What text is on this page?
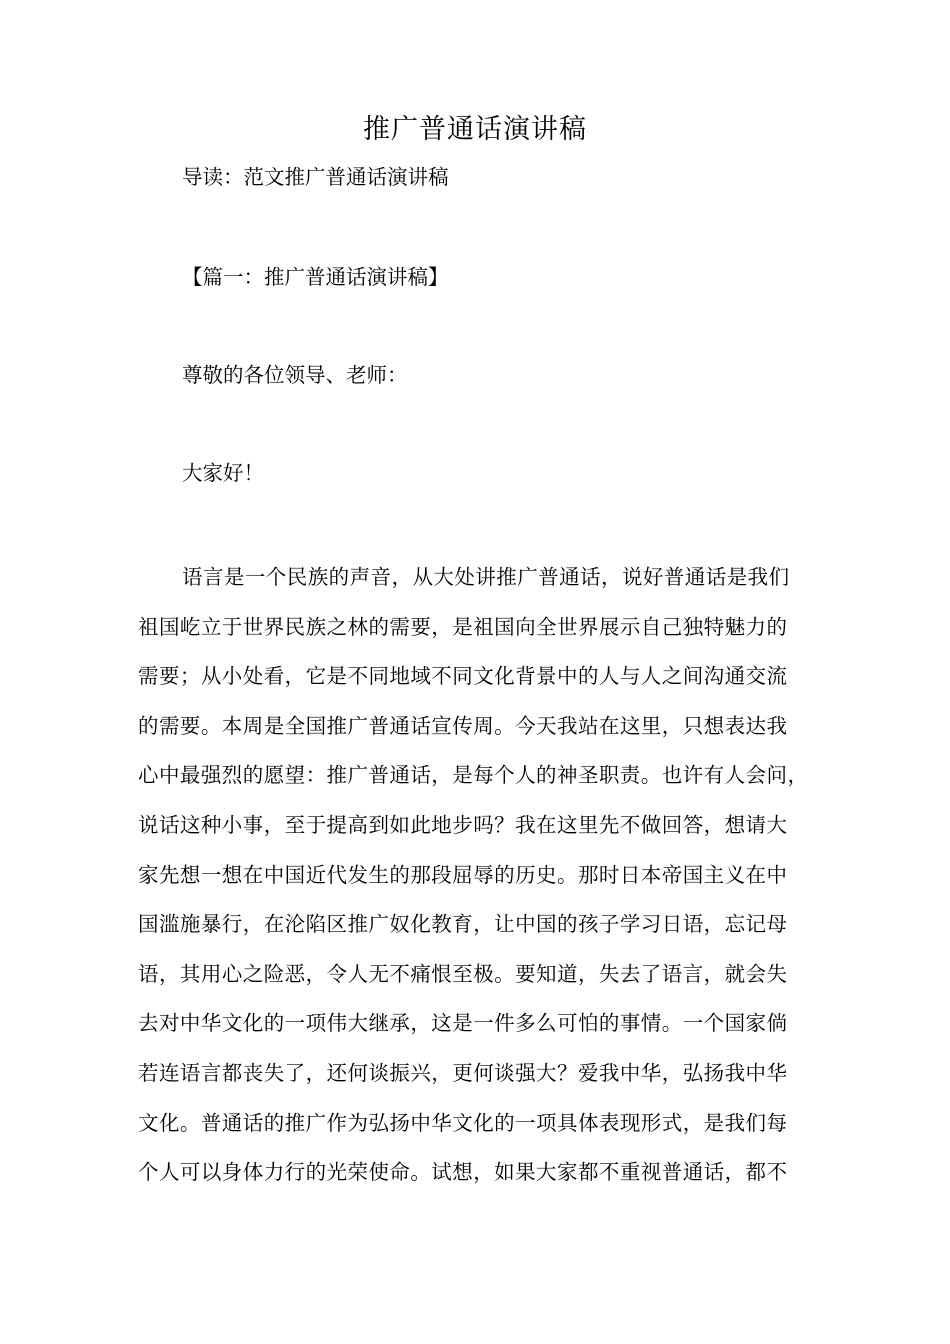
推广普通话演讲稿
导读：范文推广普通话演讲稿
【篇一：推广普通话演讲稿】
尊敬的各位领导、老师：
大家好！
语言是一个民族的声音，从大处讲推广普通话，说好普通话是我们
祖国屹立于世界民族之林的需要，是祖国向全世界展示自己独特魅力的
需要；从小处看，它是不同地域不同文化背景中的人与人之间沟通交流
的需要。本周是全国推广普通话宣传周。今天我站在这里，只想表达我
心中最强烈的愿望：推广普通话，是每个人的神圣职责。也许有人会问，
说话这种小事，至于提高到如此地步吗？我在这里先不做回答，想请大
家先想一想在中国近代发生的那段屈辱的历史。那时日本帝国主义在中
国滥施暴行，在沦陷区推广奴化教育，让中国的孩子学习日语，忘记母
语，其用心之险恶，令人无不痛恨至极。要知道，失去了语言，就会失
去对中华文化的一项伟大继承，这是一件多么可怕的事情。一个国家倘
若连语言都丧失了，还何谈振兴，更何谈强大？爱我中华，弘扬我中华
文化。普通话的推广作为弘扬中华文化的一项具体表现形式，是我们每
个人可以身体力行的光荣使命。试想，如果大家都不重视普通话，都不
